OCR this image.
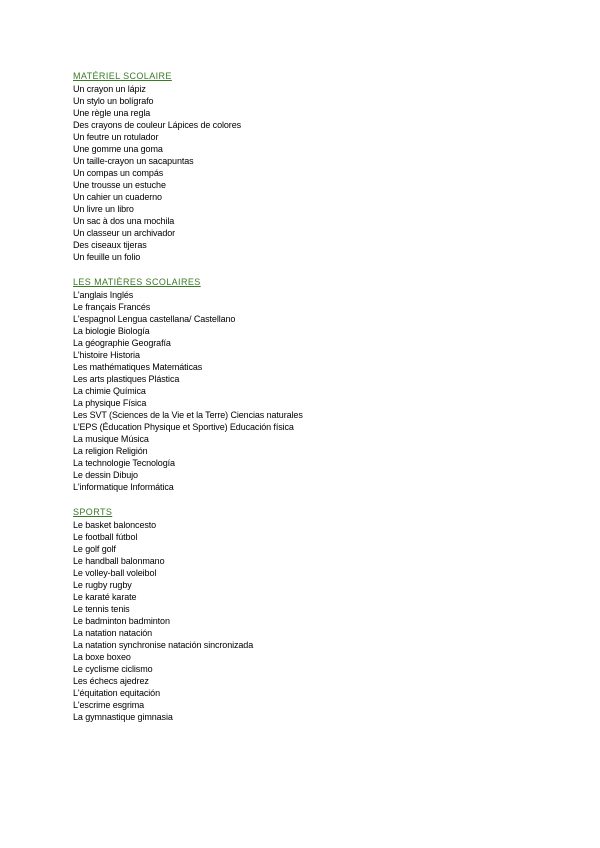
MATÉRIEL SCOLAIRE
Un crayon un lápiz
Un stylo un bolígrafo
Une règle una regla
Des crayons de couleur Lápices de colores
Un feutre un rotulador
Une gomme una goma
Un taille-crayon un sacapuntas
Un compas un compás
Une trousse un estuche
Un cahier un cuaderno
Un livre un libro
Un sac à dos una mochila
Un classeur un archivador
Des ciseaux tijeras
Un feuille un folio
LES MATIÈRES SCOLAIRES
L'anglais Inglés
Le français Francés
L'espagnol Lengua castellana/ Castellano
La biologie Biología
La géographie Geografía
L'histoire Historia
Les mathématiques Matemáticas
Les arts plastiques Plástica
La chimie Química
La physique Física
Les SVT (Sciences de la Vie et la Terre) Ciencias naturales
L'EPS (Éducation Physique et Sportive) Educación física
La musique Música
La religion Religión
La technologie Tecnología
Le dessin Dibujo
L'informatique Informática
SPORTS
Le basket baloncesto
Le football fútbol
Le golf golf
Le handball balonmano
Le volley-ball voleibol
Le rugby rugby
Le karaté karate
Le tennis tenis
Le badminton badminton
La natation natación
La natation synchronise natación sincronizada
La boxe boxeo
Le cyclisme ciclismo
Les échecs ajedrez
L'équitation equitación
L'escrime esgrima
La gymnastique gimnasia
